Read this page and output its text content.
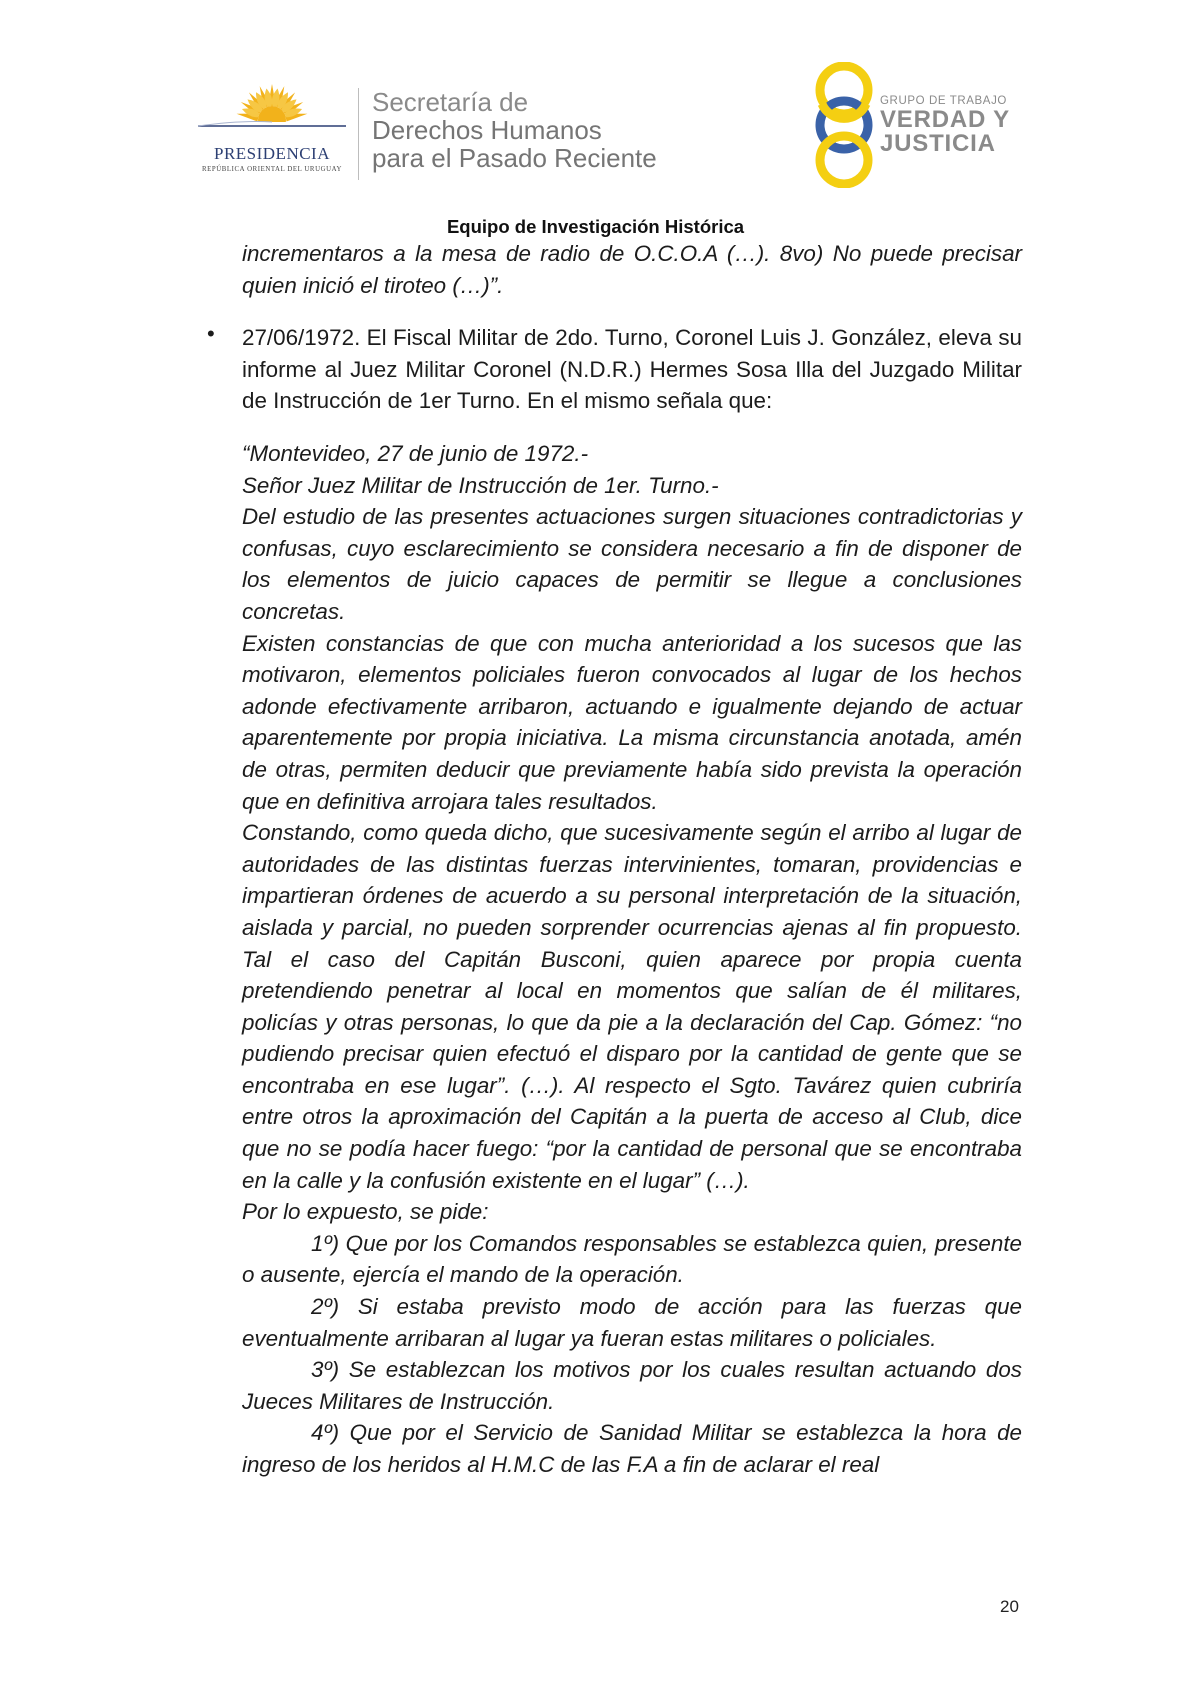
PRESIDENCIA
REPÚBLICA ORIENTAL DEL URUGUAY
Secretaría de
Derechos Humanos
para el Pasado Reciente
GRUPO DE TRABAJO
VERDAD Y
JUSTICIA
Equipo de Investigación Histórica

incrementaros a la mesa de radio de O.C.O.A (…). 8vo) No puede precisar quien inició el tiroteo (…)”.

• 27/06/1972. El Fiscal Militar de 2do. Turno, Coronel Luis J. González, eleva su informe al Juez Militar Coronel (N.D.R.) Hermes Sosa Illa del Juzgado Militar de Instrucción de 1er Turno. En el mismo señala que:

“Montevideo, 27 de junio de 1972.-

Señor Juez Militar de Instrucción de 1er. Turno.-

Del estudio de las presentes actuaciones surgen situaciones contradictorias y confusas, cuyo esclarecimiento se considera necesario a fin de disponer de los elementos de juicio capaces de permitir se llegue a conclusiones concretas.

Existen constancias de que con mucha anterioridad a los sucesos que las motivaron, elementos policiales fueron convocados al lugar de los hechos adonde efectivamente arribaron, actuando e igualmente dejando de actuar aparentemente por propia iniciativa. La misma circunstancia anotada, amén de otras, permiten deducir que previamente había sido prevista la operación que en definitiva arrojara tales resultados.

Constando, como queda dicho, que sucesivamente según el arribo al lugar de autoridades de las distintas fuerzas intervinientes, tomaran, providencias e impartieran órdenes de acuerdo a su personal interpretación de la situación, aislada y parcial, no pueden sorprender ocurrencias ajenas al fin propuesto. Tal el caso del Capitán Busconi, quien aparece por propia cuenta pretendiendo penetrar al local en momentos que salían de él militares, policías y otras personas, lo que da pie a la declaración del Cap. Gómez: “no pudiendo precisar quien efectuó el disparo por la cantidad de gente que se encontraba en ese lugar”. (…). Al respecto el Sgto. Tavárez quien cubriría entre otros la aproximación del Capitán a la puerta de acceso al Club, dice que no se podía hacer fuego: “por la cantidad de personal que se encontraba en la calle y la confusión existente en el lugar” (…).

Por lo expuesto, se pide:

1º) Que por los Comandos responsables se establezca quien, presente o ausente, ejercía el mando de la operación.

2º) Si estaba previsto modo de acción para las fuerzas que eventualmente arribaran al lugar ya fueran estas militares o policiales.

3º) Se establezcan los motivos por los cuales resultan actuando dos Jueces Militares de Instrucción.

4º) Que por el Servicio de Sanidad Militar se establezca la hora de ingreso de los heridos al H.M.C de las F.A a fin de aclarar el real

20
